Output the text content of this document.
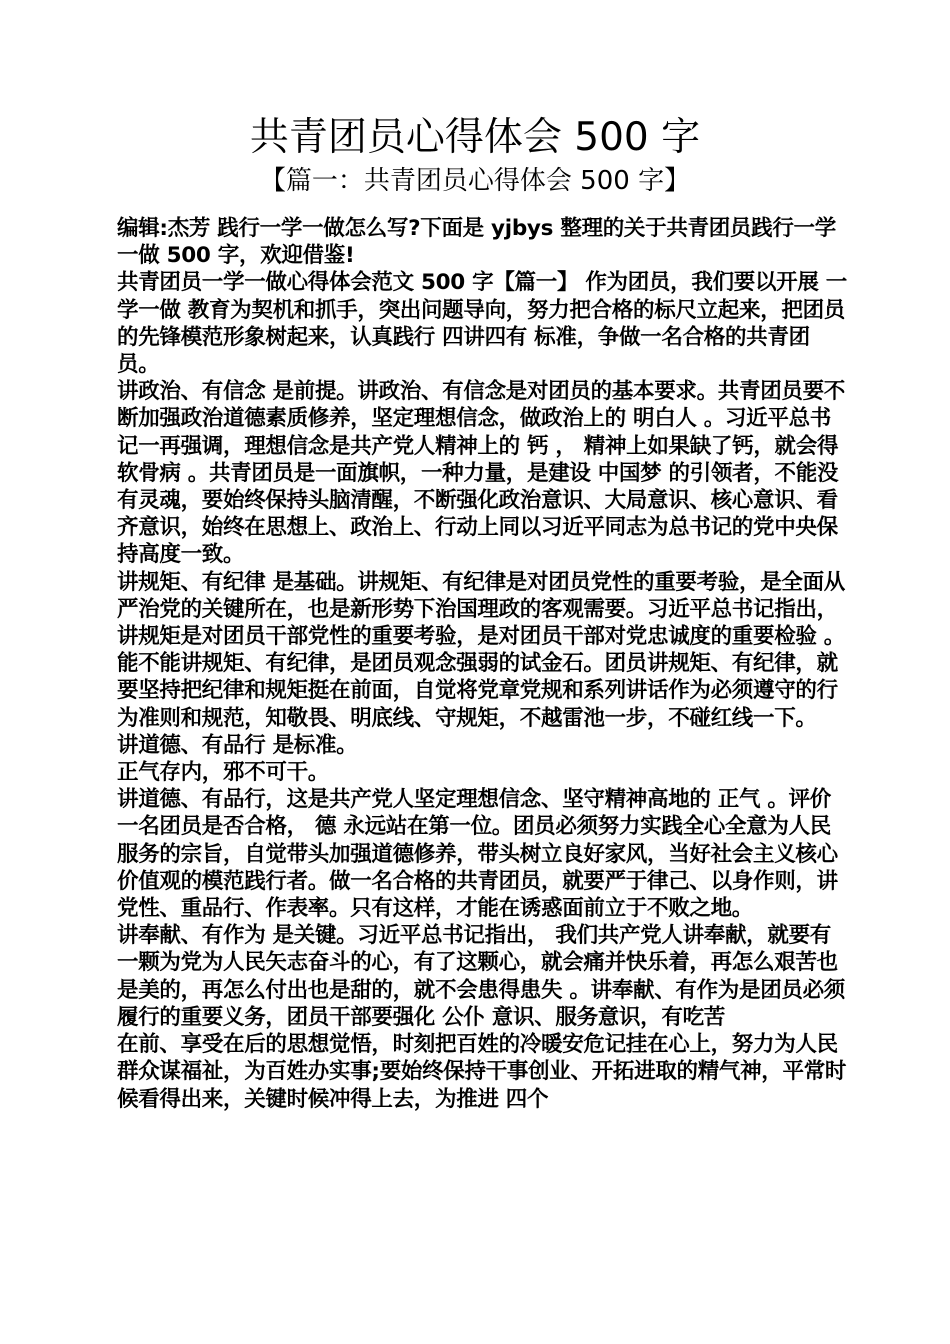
共青团员心得体会 500 字
【篇一：共青团员心得体会 500 字】

编辑:杰芳 践行一学一做怎么写?下面是 yjbys 整理的关于共青团员践行一学一做 500 字，欢迎借鉴!

共青团员一学一做心得体会范文 500 字【篇一】 作为团员，我们要以开展 一学一做 教育为契机和抓手，突出问题导向，努力把合格的标尺立起来，把团员的先锋模范形象树起来，认真践行 四讲四有 标准，争做一名合格的共青团员。

讲政治、有信念 是前提。讲政治、有信念是对团员的基本要求。共青团员要不断加强政治道德素质修养，坚定理想信念，做政治上的 明白人 。习近平总书记一再强调，理想信念是共产党人精神上的 钙 ， 精神上如果缺了钙，就会得 软骨病 。共青团员是一面旗帜，一种力量，是建设 中国梦 的引领者，不能没有灵魂，要始终保持头脑清醒，不断强化政治意识、大局意识、核心意识、看齐意识，始终在思想上、政治上、行动上同以习近平同志为总书记的党中央保持高度一致。

讲规矩、有纪律 是基础。讲规矩、有纪律是对团员党性的重要考验，是全面从严治党的关键所在，也是新形势下治国理政的客观需要。习近平总书记指出， 讲规矩是对团员干部党性的重要考验，是对团员干部对党忠诚度的重要检验 。能不能讲规矩、有纪律，是团员观念强弱的试金石。团员讲规矩、有纪律，就要坚持把纪律和规矩挺在前面，自觉将党章党规和系列讲话作为必须遵守的行为准则和规范，知敬畏、明底线、守规矩，不越雷池一步，不碰红线一下。

讲道德、有品行 是标准。

正气存内，邪不可干。

讲道德、有品行，这是共产党人坚定理想信念、坚守精神高地的 正气 。评价一名团员是否合格， 德 永远站在第一位。团员必须努力实践全心全意为人民服务的宗旨，自觉带头加强道德修养，带头树立良好家风，当好社会主义核心价值观的模范践行者。做一名合格的共青团员，就要严于律己、以身作则，讲党性、重品行、作表率。只有这样，才能在诱惑面前立于不败之地。

讲奉献、有作为 是关键。习近平总书记指出， 我们共产党人讲奉献，就要有一颗为党为人民矢志奋斗的心，有了这颗心，就会痛并快乐着，再怎么艰苦也是美的，再怎么付出也是甜的，就不会患得患失 。讲奉献、有作为是团员必须履行的重要义务，团员干部要强化 公仆 意识、服务意识，有吃苦

在前、享受在后的思想觉悟，时刻把百姓的冷暖安危记挂在心上，努力为人民群众谋福祉，为百姓办实事;要始终保持干事创业、开拓进取的精气神，平常时候看得出来，关键时候冲得上去，为推进 四个
